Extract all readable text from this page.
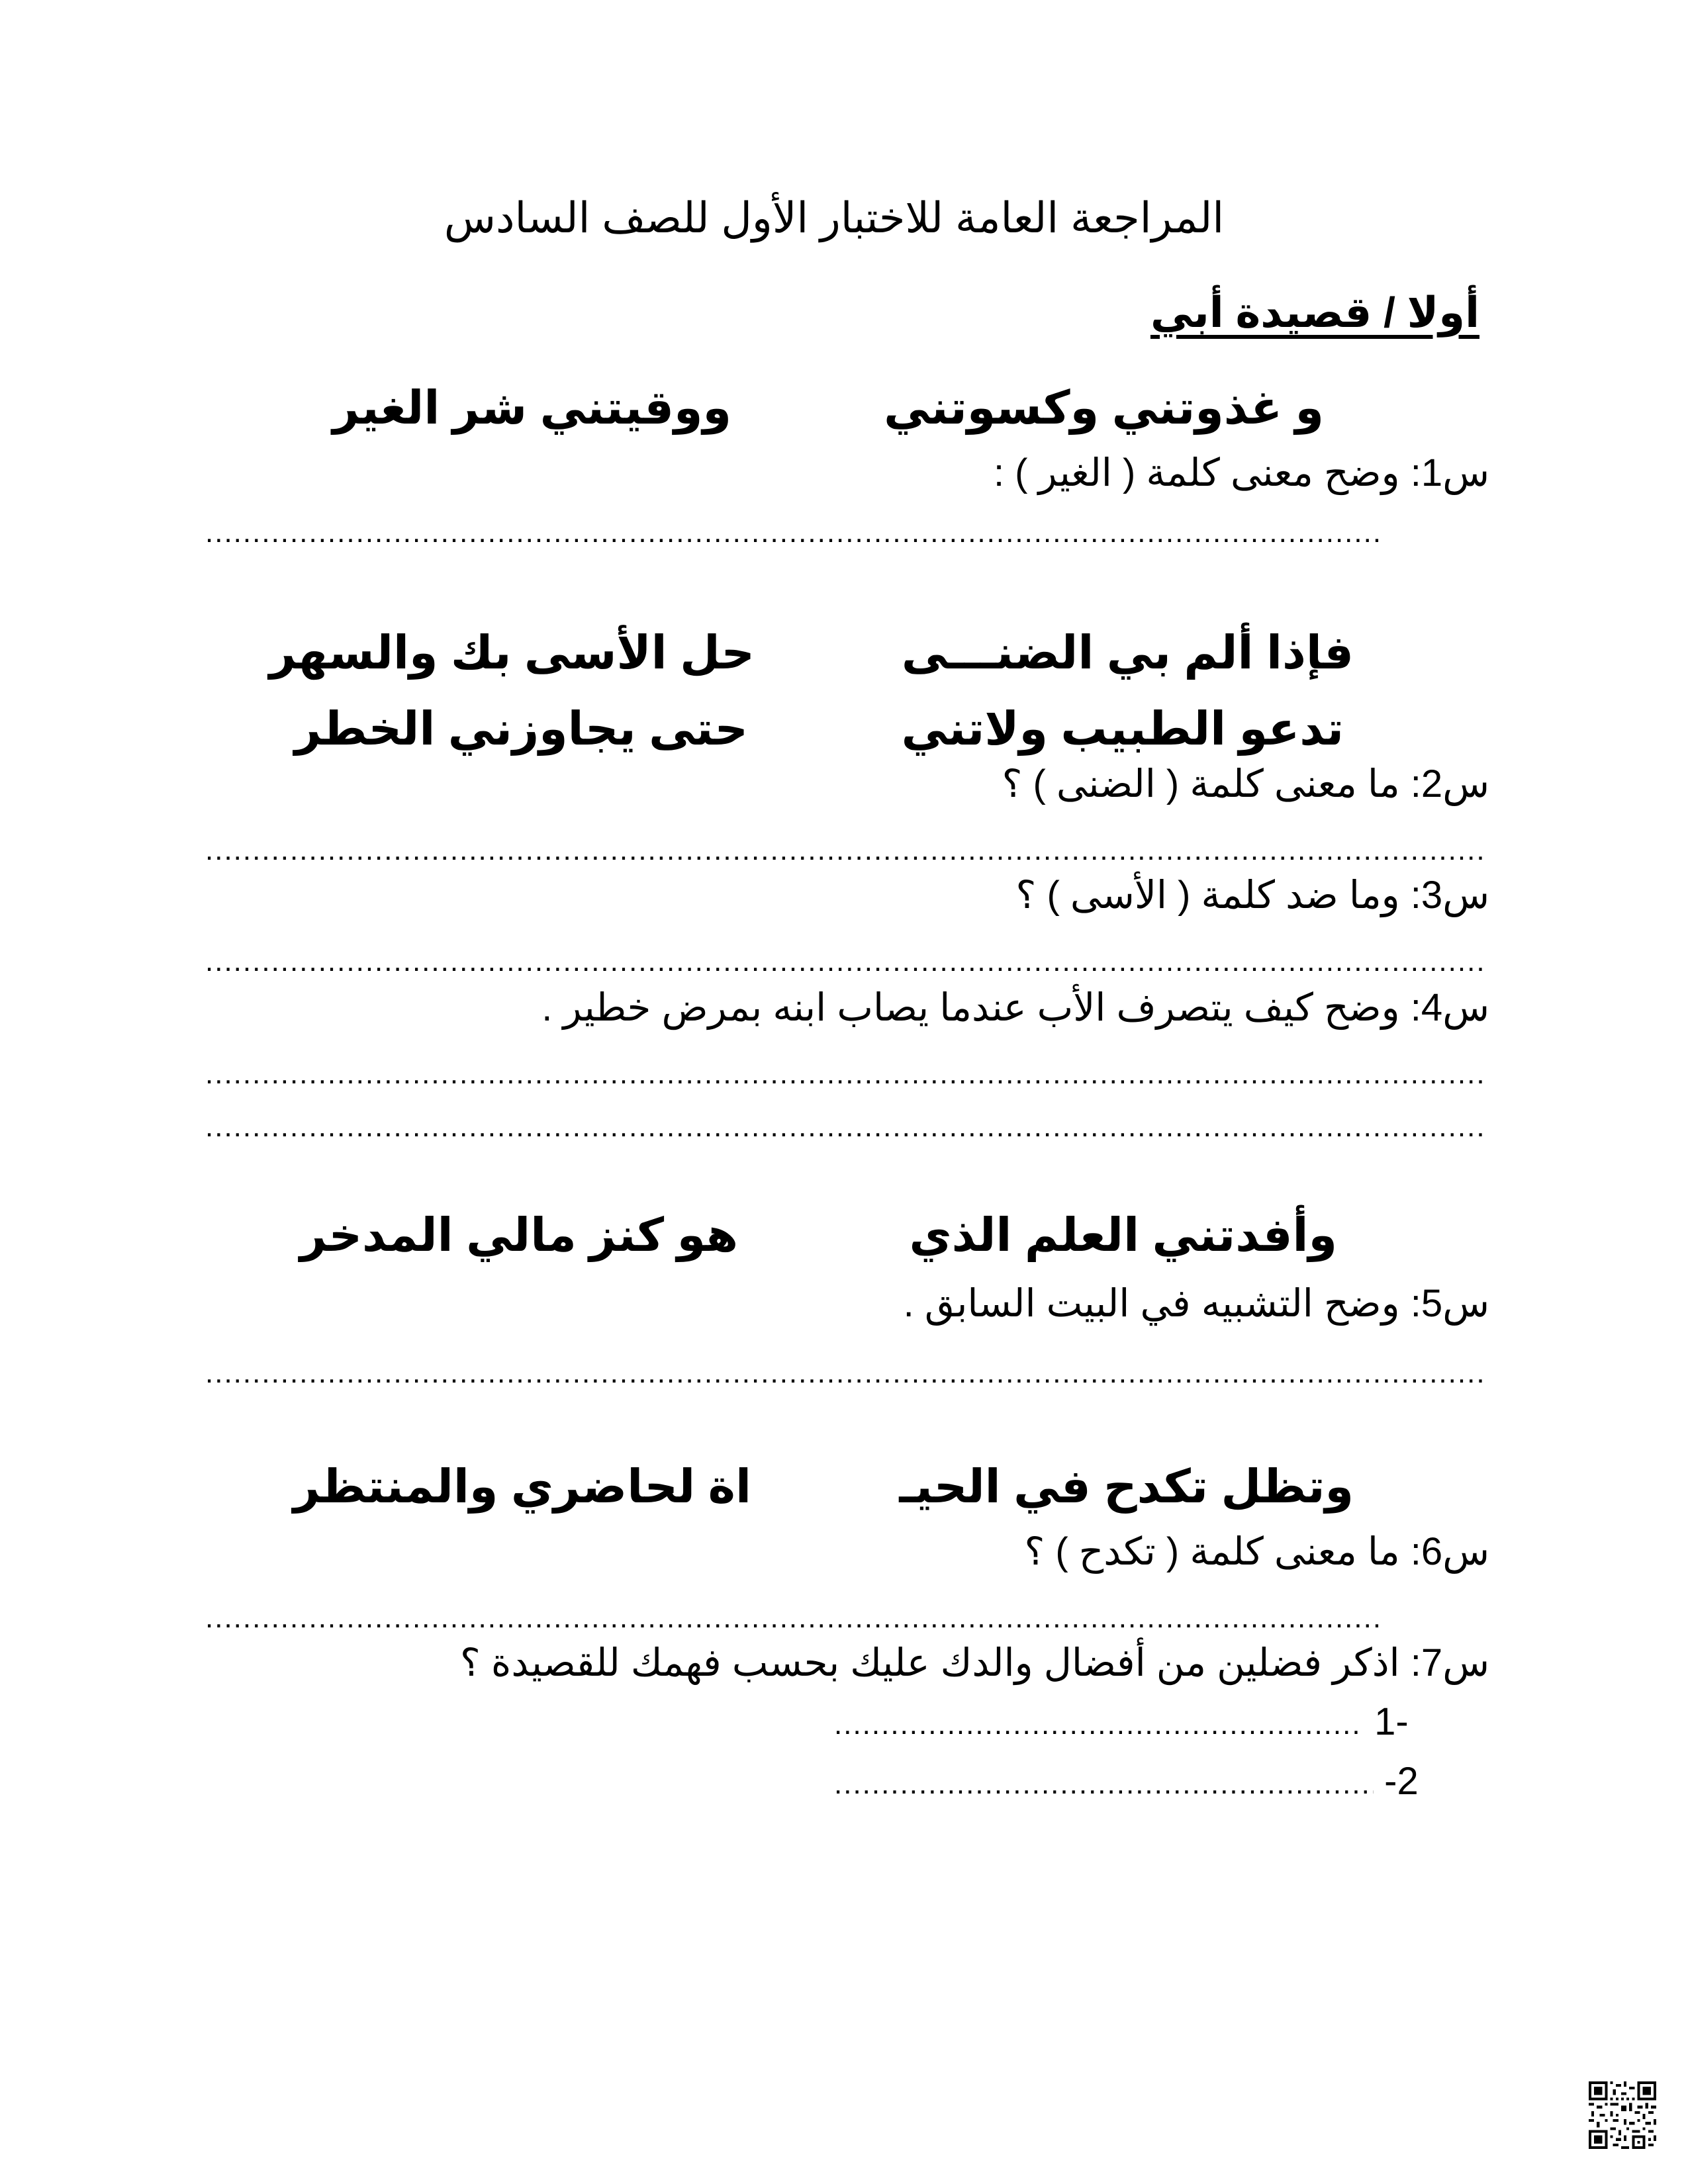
المراجعة العامة للاختبار الأول للصف السادس
أولا / قصيدة أبي
و غذوتني وكسوتني
ووقيتني شر الغير
س1: وضح معنى كلمة ( الغير ) :
.....
فإذا ألم بي الضنـــى
حل الأسى بك والسهر
تدعو الطبيب ولاتني
حتى يجاوزني الخطر
س2: ما معنى كلمة ( الضنى ) ؟
.....
س3: وما ضد كلمة ( الأسى ) ؟
.....
س4: وضح كيف يتصرف الأب عندما يصاب ابنه بمرض خطير .
.....
.....
وأفدتني العلم الذي
هو كنز مالي المدخر
س5: وضح التشبيه في البيت السابق .
.....
وتظل تكدح في الحيـ
اة لحاضري والمنتظر
س6: ما معنى كلمة ( تكدح ) ؟
.....
س7: اذكر فضلين من أفضال والدك عليك بحسب فهمك للقصيدة ؟
..... 1-
..... -2
